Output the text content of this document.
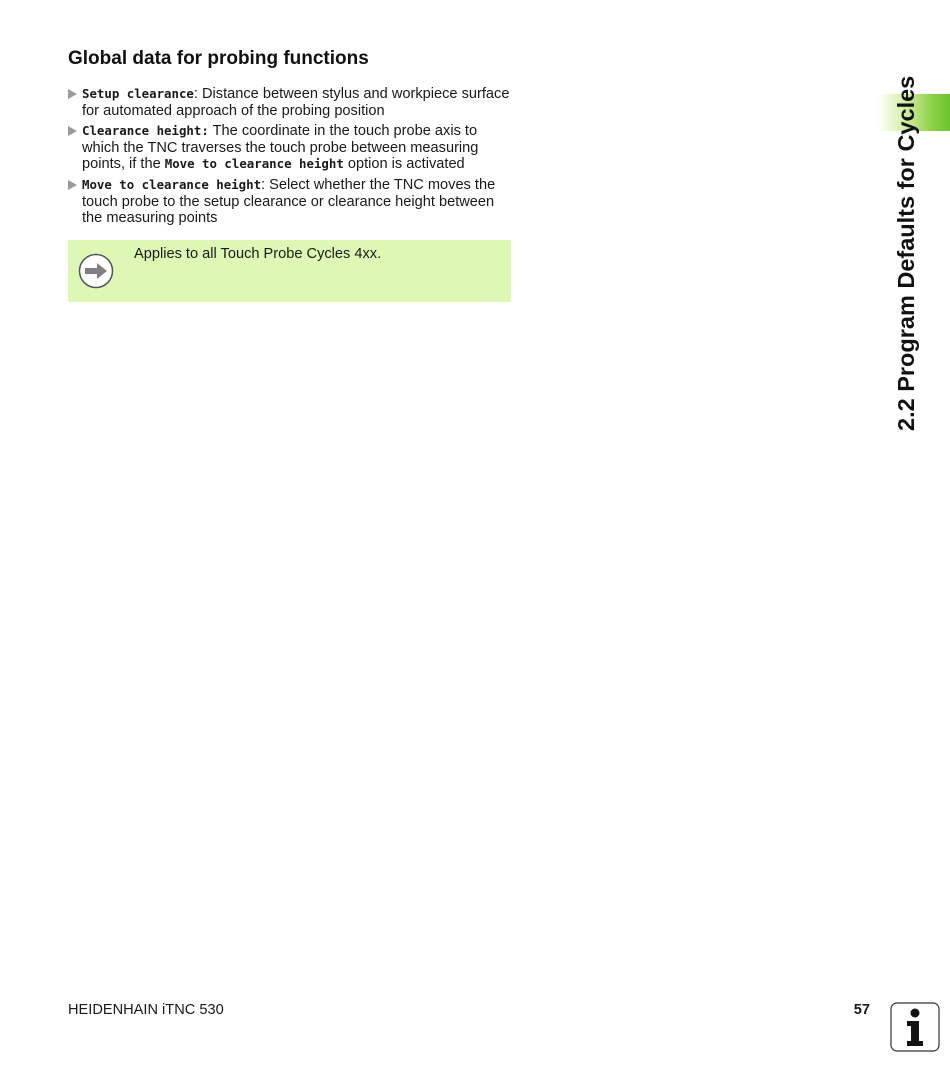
Global data for probing functions
Setup clearance: Distance between stylus and workpiece surface for automated approach of the probing position
Clearance height: The coordinate in the touch probe axis to which the TNC traverses the touch probe between measuring points, if the Move to clearance height option is activated
Move to clearance height: Select whether the TNC moves the touch probe to the setup clearance or clearance height between the measuring points
Applies to all Touch Probe Cycles 4xx.	2.2 Program Defaults for Cycles
HEIDENHAIN iTNC 530	57
